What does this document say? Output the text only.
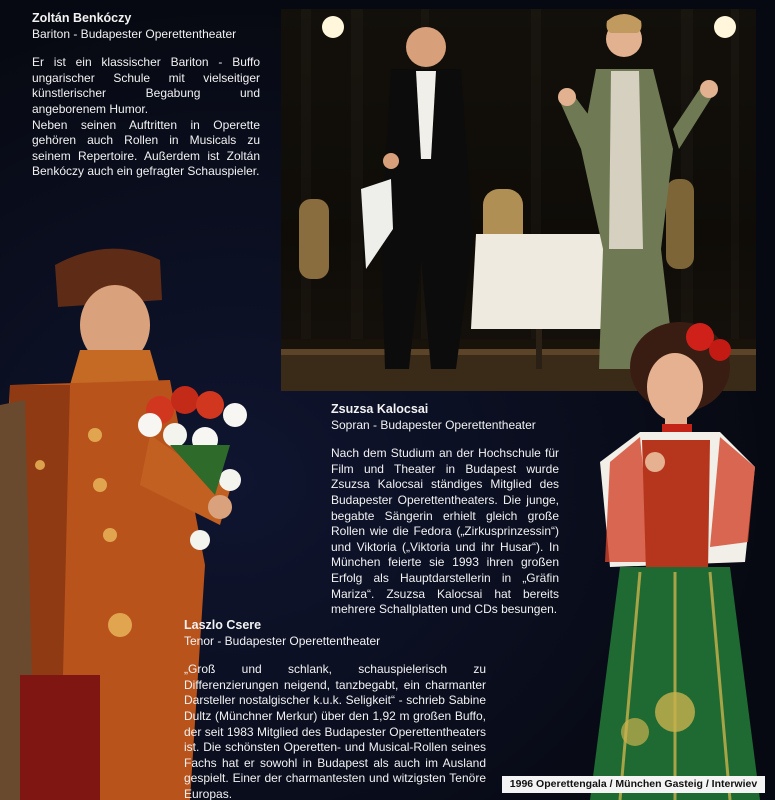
Zoltán Benkóczy
Bariton - Budapester Operettentheater

Er ist ein klassischer Bariton - Buffo ungarischer Schule mit vielseitiger künstlerischer Begabung und angeborenem Humor.

Neben seinen Auftritten in Operette gehören auch Rollen in Musicals zu seinem Repertoire. Außerdem ist Zoltán Benkóczy auch ein gefragter Schauspieler.

Zsuzsa Kalocsai
Sopran - Budapester Operettentheater

Nach dem Studium an der Hochschule für Film und Theater in Budapest wurde Zsuzsa Kalocsai ständiges Mitglied des Budapester Operettentheaters. Die junge, begabte Sängerin erhielt gleich große Rollen wie die Fedora („Zirkusprinzessin“) und Viktoria („Viktoria und ihr Husar“). In München feierte sie 1993 ihren großen Erfolg als Hauptdarstellerin in „Gräfin Mariza“. Zsuzsa Kalocsai hat bereits mehrere Schallplatten und CDs besungen.

Laszlo Csere
Tenor - Budapester Operettentheater

„Groß und schlank, schauspielerisch zu Differenzierungen neigend, tanzbegabt, ein charmanter Darsteller nostalgischer k.u.k. Seligkeit“ - schrieb Sabine Dultz (Münchner Merkur) über den 1,92 m großen Buffo, der seit 1983 Mitglied des Budapester Operettentheaters ist. Die schönsten Operetten- und Musical-Rollen seines Fachs hat er sowohl in Budapest als auch im Ausland gespielt. Einer der charmantesten und witzigsten Tenöre Europas.

1996 Operettengala / München Gasteig / Interwiev
